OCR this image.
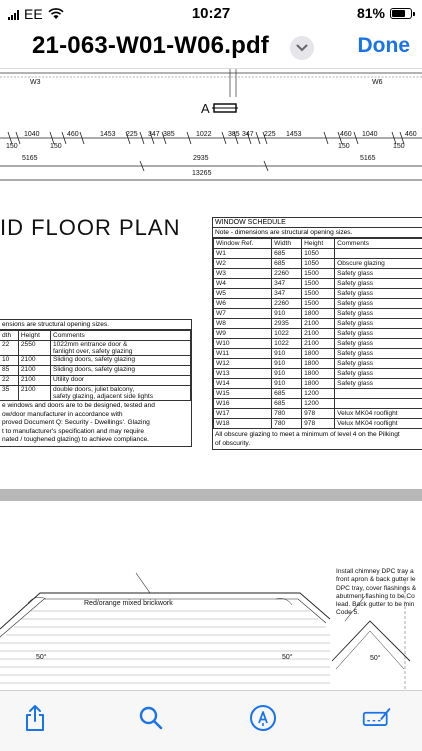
EE	10:27	81%
21-063-W01-W06.pdf	Done
W3	W6
A
1040	460	1453 225 347 385	1022 385 347 225 1453	460 1040	460
150	150	150	150
5165	2935	5165
13265
ID FLOOR PLAN	WINDOW SCHEDULE
Note - dimensions are structural opening sizes.
Window Ref.	Width	Height	Comments
W1	685	1050	
W2	685	1050	Obscure glazing
W3	2260	1500	Safety glass
W4	347	1500	Safety glass
W5	347	1500	Safety glass
W6	2260	1500	Safety glass
W7	910	1800	Safety glass
W8	2935	2100	Safety glass
W9	1022	2100	Safety glass
W10	1022	2100	Safety glass
W11	910	1800	Safety glass
W12	910	1800	Safety glass
W13	910	1800	Safety glass
W14	910	1800	Safety glass
W15	685	1200	
W16	685	1200	
W17	780	978	Velux MK04 rooflight
W18	780	978	Velux MK04 rooflight
All obscure glazing to meet a minimum of level 4 on the Pilkingt
of obscurity.
ensions are structural opening sizes.
dth	Height	Comments
22	2550	1022mm entrance door &
fanlight over, safety glazing

10	2100	Sliding doors, safety glazing

85	2100	Sliding doors, safety glazing

22	2100	Utility door

35	2100	double doors, juliet balcony,
safety glazing, adjacent side lights
e windows and doors are to be designed, tested and
ow/door manufacturer in accordance with
proved Document Q: Security - Dwellings'. Glazing
t to manufacturer's specification and may require
nated / toughened glazing) to achieve compliance.
Red/orange mixed brickwork
50°	50°	50°
Install chimney DPC tray a
front apron & back gutter le
DPC tray, cover flashings &
abutment flashing to be Co
lead. Back gutter to be min
Code 5.
